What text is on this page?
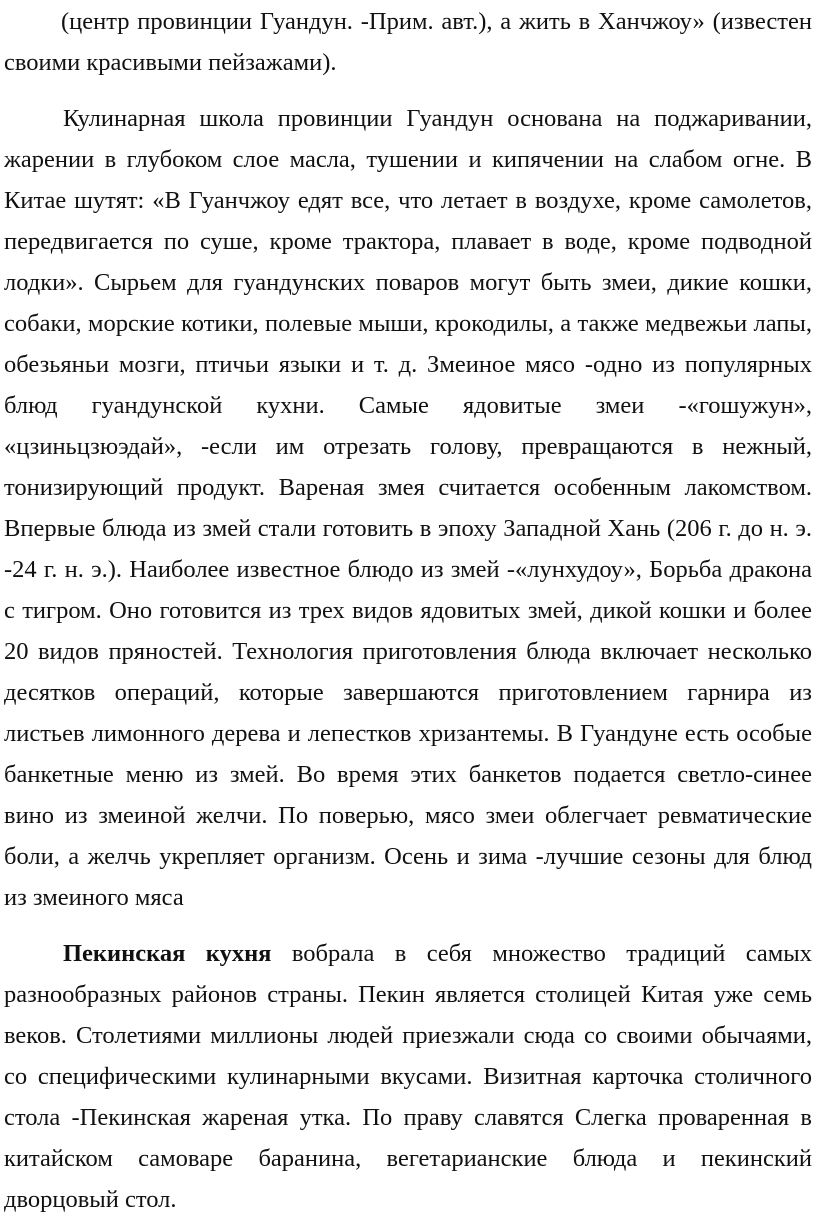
(центр провинции Гуандун. -Прим. авт.), а жить в Ханчжоу» (известен своими красивыми пейзажами).

Кулинарная школа провинции Гуандун основана на поджаривании, жарении в глубоком слое масла, тушении и кипячении на слабом огне. В Китае шутят: «В Гуанчжоу едят все, что летает в воздухе, кроме самолетов, передвигается по суше, кроме трактора, плавает в воде, кроме подводной лодки». Сырьем для гуандунских поваров могут быть змеи, дикие кошки, собаки, морские котики, полевые мыши, крокодилы, а также медвежьи лапы, обезьяньи мозги, птичьи языки и т. д. Змеиное мясо -одно из популярных блюд гуандунской кухни. Самые ядовитые змеи -«гошужун», «цзиньцзюэдай», -если им отрезать голову, превращаются в нежный, тонизирующий продукт. Вареная змея считается особенным лакомством. Впервые блюда из змей стали готовить в эпоху Западной Хань (206 г. до н. э. -24 г. н. э.). Наиболее известное блюдо из змей -«лунхудоу», Борьба дракона с тигром. Оно готовится из трех видов ядовитых змей, дикой кошки и более 20 видов пряностей. Технология приготовления блюда включает несколько десятков операций, которые завершаются приготовлением гарнира из листьев лимонного дерева и лепестков хризантемы. В Гуандуне есть особые банкетные меню из змей. Во время этих банкетов подается светло-синее вино из змеиной желчи. По поверью, мясо змеи облегчает ревматические боли, а желчь укрепляет организм. Осень и зима -лучшие сезоны для блюд из змеиного мяса

Пекинская кухня вобрала в себя множество традиций самых разнообразных районов страны. Пекин является столицей Китая уже семь веков. Столетиями миллионы людей приезжали сюда со своими обычаями, со специфическими кулинарными вкусами. Визитная карточка столичного стола -Пекинская жареная утка. По праву славятся Слегка проваренная в китайском самоваре баранина, вегетарианские блюда и пекинский дворцовый стол.
